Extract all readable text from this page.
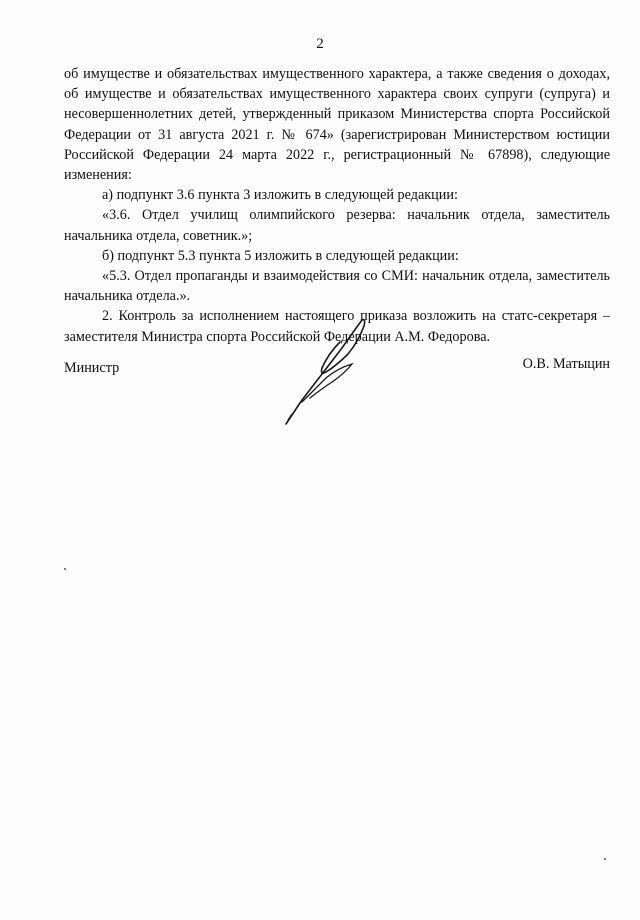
2

об имуществе и обязательствах имущественного характера, а также сведения о доходах, об имуществе и обязательствах имущественного характера своих супруги (супруга) и несовершеннолетних детей, утвержденный приказом Министерства спорта Российской Федерации от 31 августа 2021 г. № 674» (зарегистрирован Министерством юстиции Российской Федерации 24 марта 2022 г., регистрационный № 67898), следующие изменения:

а) подпункт 3.6 пункта 3 изложить в следующей редакции:

«3.6. Отдел училищ олимпийского резерва: начальник отдела, заместитель начальника отдела, советник.»;

б) подпункт 5.3 пункта 5 изложить в следующей редакции:

«5.3. Отдел пропаганды и взаимодействия со СМИ: начальник отдела, заместитель начальника отдела.».

2. Контроль за исполнением настоящего приказа возложить на статс-секретаря – заместителя Министра спорта Российской Федерации А.М. Федорова.

Министр	О.В. Матыцин
